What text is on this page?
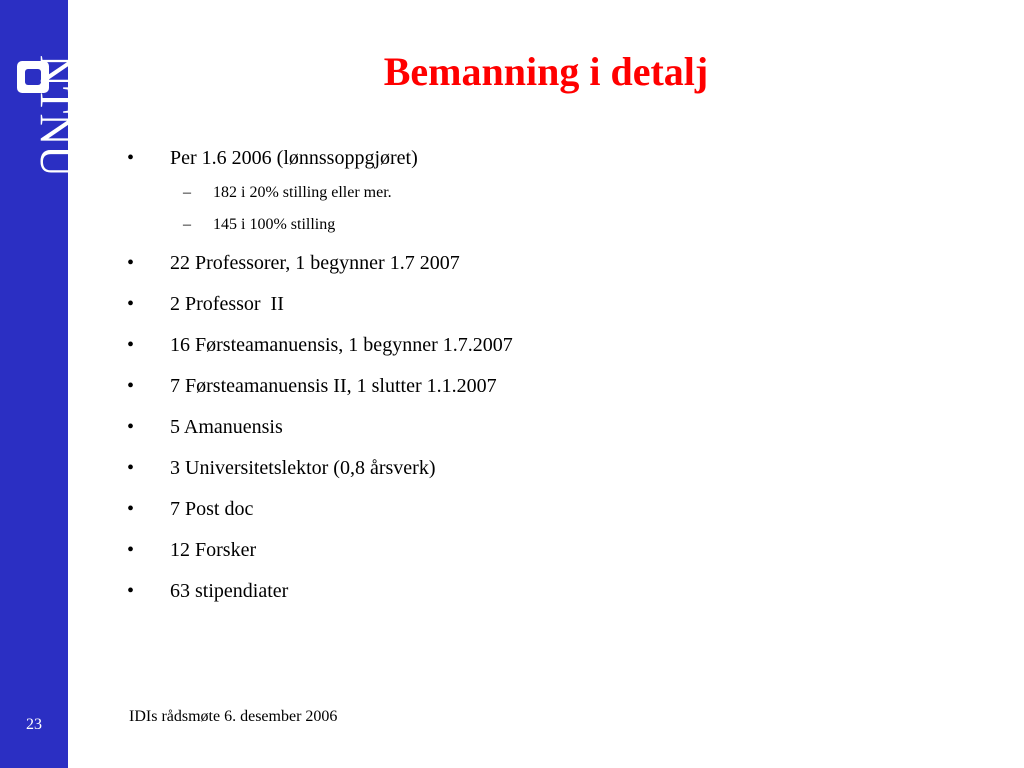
NTNU
23
Bemanning i detalj
•	Per 1.6 2006 (lønnssoppgjøret)
–	182 i 20% stilling eller mer.
–	145 i 100% stilling
•	22 Professorer, 1 begynner 1.7 2007
•	2 Professor  II
•	16 Førsteamanuensis, 1 begynner 1.7.2007
•	7 Førsteamanuensis II, 1 slutter 1.1.2007
•	5 Amanuensis
•	3 Universitetslektor (0,8 årsverk)
•	7 Post doc
•	12 Forsker
•	63 stipendiater
IDIs rådsmøte 6. desember 2006
